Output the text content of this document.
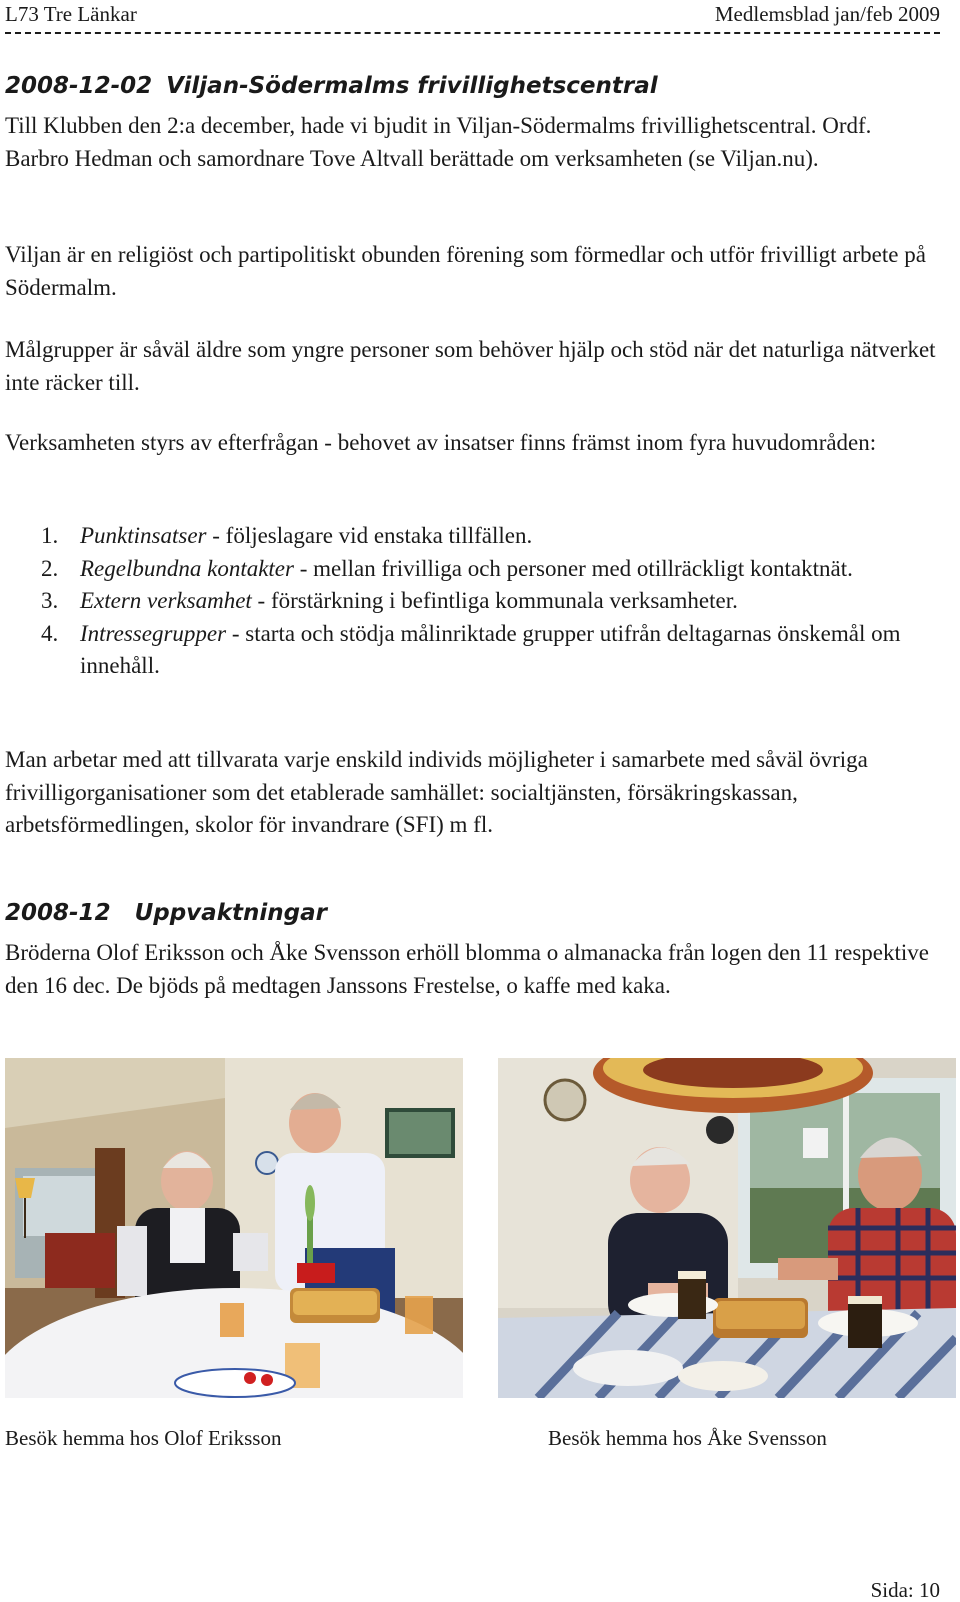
L73 Tre Länkar	Medlemsblad jan/feb 2009
2008-12-02 Viljan-Södermalms frivillighetscentral

Till Klubben den 2:a december, hade vi bjudit in Viljan-Södermalms frivillighetscentral. Ordf. Barbro Hedman och samordnare Tove Altvall berättade om verksamheten (se Viljan.nu).

Viljan är en religiöst och partipolitiskt obunden förening som förmedlar och utför frivilligt arbete på Södermalm.

Målgrupper är såväl äldre som yngre personer som behöver hjälp och stöd när det naturliga nätverket inte räcker till.

Verksamheten styrs av efterfrågan - behovet av insatser finns främst inom fyra huvudområden:

1. Punktinsatser - följeslagare vid enstaka tillfällen.
2. Regelbundna kontakter - mellan frivilliga och personer med otillräckligt kontaktnät.
3. Extern verksamhet - förstärkning i befintliga kommunala verksamheter.
4. Intressegrupper - starta och stödja målinriktade grupper utifrån deltagarnas önskemål om innehåll.

Man arbetar med att tillvarata varje enskild individs möjligheter i samarbete med såväl övriga frivilligorganisationer som det etablerade samhället: socialtjänsten, försäkringskassan, arbetsförmedlingen, skolor för invandrare (SFI) m fl.

2008-12 Uppvaktningar

Bröderna Olof Eriksson och Åke Svensson erhöll blomma o almanacka från logen den 11 respektive den 16 dec. De bjöds på medtagen Janssons Frestelse, o kaffe med kaka.

Besök hemma hos Olof Eriksson	Besök hemma hos Åke Svensson
Sida: 10
